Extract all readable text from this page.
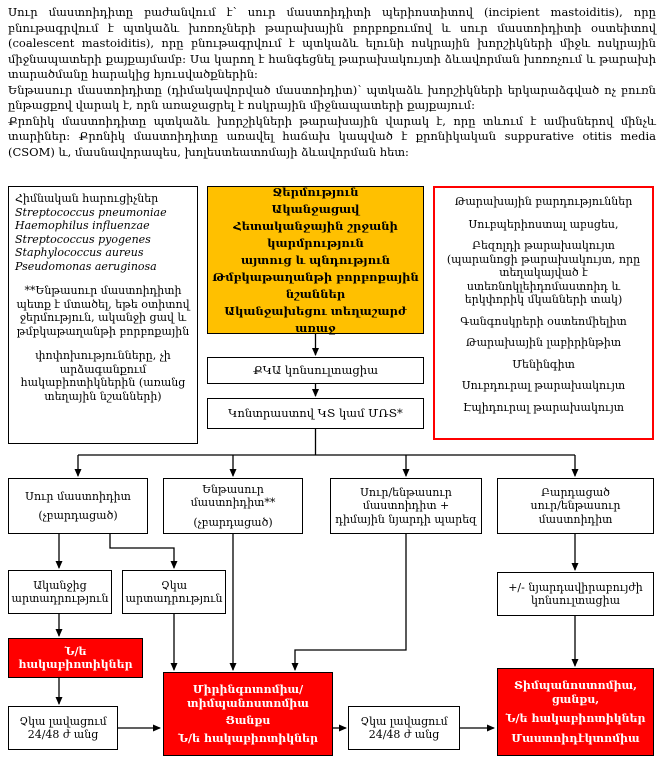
Սուր մաստոիդիտը բաժանվում է՝ սուր մաստոիդիտի պերիոստիտով (incipient mastoiditis), որը բնութագրվում է պտկաձև խոռոչների թարախային բորբոքումով և սուր մաստոիդիտի օստեիտով (coalescent mastoiditis), որը բնութագրվում է պտկաձև ելունի ոսկրային խորշիկների միջև ոսկրային միջնապատերի քայքայմամբ: Սա կարող է հանգեցնել թարախակույտի ձևավորման խոռոչում և թարախի տարածմանը հարակից հյուսվածքներին:

Ենթասուր մաստոիդիտը (դիմակավորված մաստոիդիտ)՝ պտկաձև խորշիկների երկարաձգված ոչ բուռն ընթացքով վարակ է, որն առաջացրել է ոսկրային միջնապատերի քայքայում:

Քրոնիկ մաստոիդիտը պտկաձև խորշիկների թարախային վարակ է, որը տևում է ամիսներով մինչև տարիներ: Քրոնիկ մաստոիդիտը առավել հաճախ կապված է քրոնիկական suppurative otitis media (CSOM) և, մասնավորապես, խոլեստեատոմայի ձևավորման հետ:

Հիմնական հարուցիչներ
Streptococcus pneumoniae
Haemophilus influenzae
Streptococcus pyogenes
Staphylococcus aureus
Pseudomonas aeruginosa
**Ենթասուր մաստոիդիտի պետք է մտածել, եթե օտիտով ջերմություն, ականջի ցավ և թմբկաթաղանթի բորբոքային
փոփոխությունները, չի արձագանքում հակաբիոտիկներին (առանց տեղային նշանների)
Ջերմություն
Ականջացավ
Հետականջային շրջանի
կարմրություն
այտուց և պնդություն
Թմբկաթաղանթի բորբոքային
նշաններ
Ականջախեցու տեղաշարժ առաջ
Թարախային բարդություններ
Սուբպերիոստալ աբսցես,
Բեզոլդի թարախակույտ (պարանոցի թարախակույտ, որը տեղակայված է ստեռնոկլեիդոմաստոիդ և երկփորիկ մկանների տակ)
Գանգոսկրերի օստեոմիելիտ
Թարախային լաբիրինթիտ
Մենինգիտ
Սուբդուրալ թարախակույտ
Էպիդուրալ թարախակույտ
ՔԿԱ կոնսուլտացիա
Կոնտրաստով ԿՏ կամ ՄՌՏ*
Սուր մաստոիդիտ
(չբարդացած)
Ենթասուր
մաստոիդիտ**
(չբարդացած)
Սուր/ենթասուր
մաստոիդիտ +
դիմային նյարդի պարեզ
Բարդացած
սուր/ենթասուր
մաստոիդիտ
Ականջից
արտադրություն
Չկա
արտադրություն
Ն/ե հակաբիոտիկներ
Չկա լավացում
24/48 ժ անց
Միրինգոտոմիա/ տիմպանոստոմիա
Ցանքս
Ն/ե հակաբիոտիկներ
Չկա լավացում
24/48 ժ անց
+/- նյարդավիրաբույժի
կոնսուլտացիա
Տիմպանոստոմիա, ցանքս,
Ն/ե հակաբիոտիկներ
Մաստոիդէկտոմիա
